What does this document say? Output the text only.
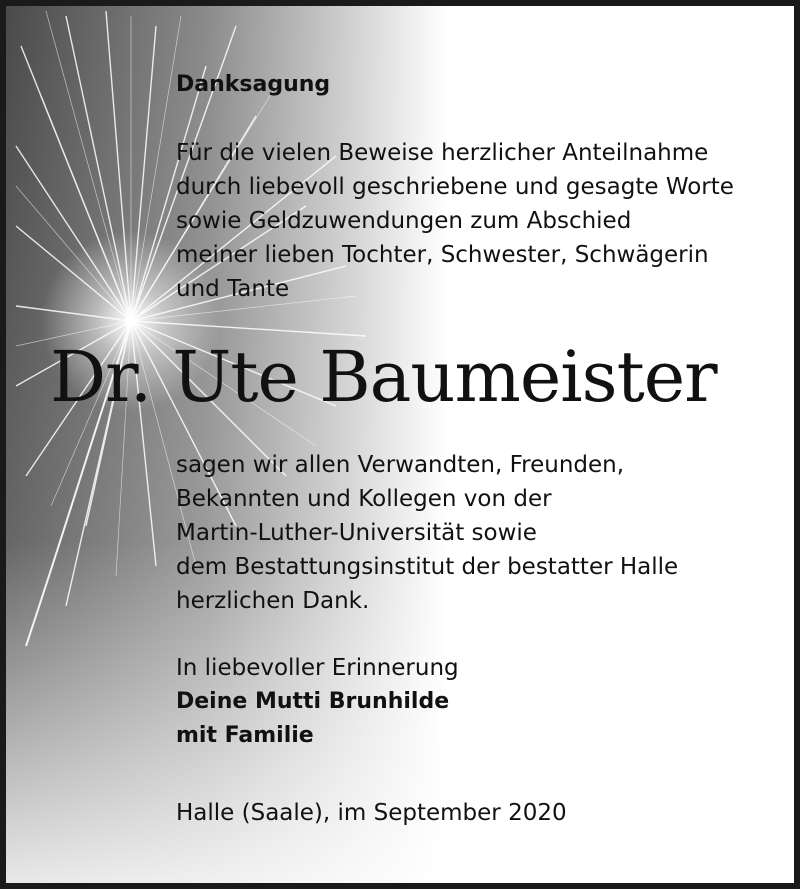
Danksagung

Für die vielen Beweise herzlicher Anteilnahme
durch liebevoll geschriebene und gesagte Worte
sowie Geldzuwendungen zum Abschied
meiner lieben Tochter, Schwester, Schwägerin
und Tante
Dr. Ute Baumeister
sagen wir allen Verwandten, Freunden,
Bekannten und Kollegen von der
Martin-Luther-Universität sowie
dem Bestattungsinstitut der bestatter Halle
herzlichen Dank.

In liebevoller Erinnerung

Deine Mutti Brunhilde

mit Familie

Halle (Saale), im September 2020
